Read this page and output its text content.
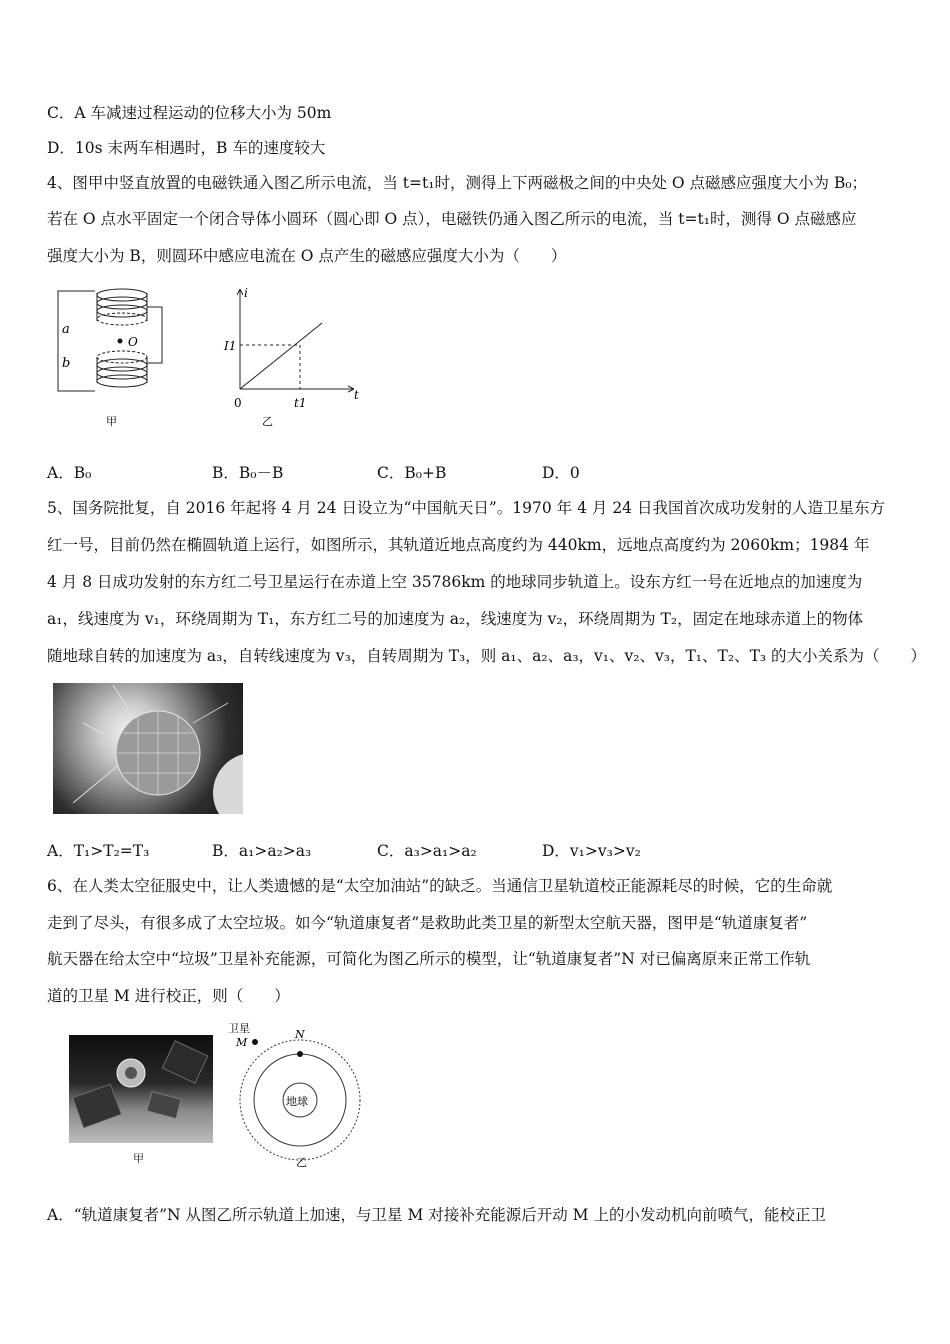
C．A 车减速过程运动的位移大小为 50m
D．10s 末两车相遇时，B 车的速度较大
4、图甲中竖直放置的电磁铁通入图乙所示电流，当 t=t₁时，测得上下两磁极之间的中央处 O 点磁感应强度大小为 B₀；
若在 O 点水平固定一个闭合导体小圆环（圆心即 O 点），电磁铁仍通入图乙所示的电流，当 t=t₁时，测得 O 点磁感应
强度大小为 B，则圆环中感应电流在 O 点产生的磁感应强度大小为（　　）
O
a
b
甲
i
t
I1
t1
0
乙
A．B₀	B．B₀－B	C．B₀+B	D．0
5、国务院批复，自 2016 年起将 4 月 24 日设立为“中国航天日”。1970 年 4 月 24 日我国首次成功发射的人造卫星东方
红一号，目前仍然在椭圆轨道上运行，如图所示，其轨道近地点高度约为 440km，远地点高度约为 2060km；1984 年
4 月 8 日成功发射的东方红二号卫星运行在赤道上空 35786km 的地球同步轨道上。设东方红一号在近地点的加速度为
a₁，线速度为 v₁，环绕周期为 T₁，东方红二号的加速度为 a₂，线速度为 v₂，环绕周期为 T₂，固定在地球赤道上的物体
随地球自转的加速度为 a₃，自转线速度为 v₃，自转周期为 T₃，则 a₁、a₂、a₃，v₁、v₂、v₃，T₁、T₂、T₃ 的大小关系为（　　）
A．T₁>T₂=T₃	B．a₁>a₂>a₃	C．a₃>a₁>a₂	D．v₁>v₃>v₂
6、在人类太空征服史中，让人类遗憾的是“太空加油站”的缺乏。当通信卫星轨道校正能源耗尽的时候，它的生命就
走到了尽头，有很多成了太空垃圾。如今“轨道康复者”是救助此类卫星的新型太空航天器，图甲是“轨道康复者”
航天器在给太空中“垃圾”卫星补充能源，可简化为图乙所示的模型，让“轨道康复者”N 对已偏离原来正常工作轨
道的卫星 M 进行校正，则（　　）
甲
地球
N
卫星
M
乙
A．“轨道康复者”N 从图乙所示轨道上加速，与卫星 M 对接补充能源后开动 M 上的小发动机向前喷气，能校正卫
